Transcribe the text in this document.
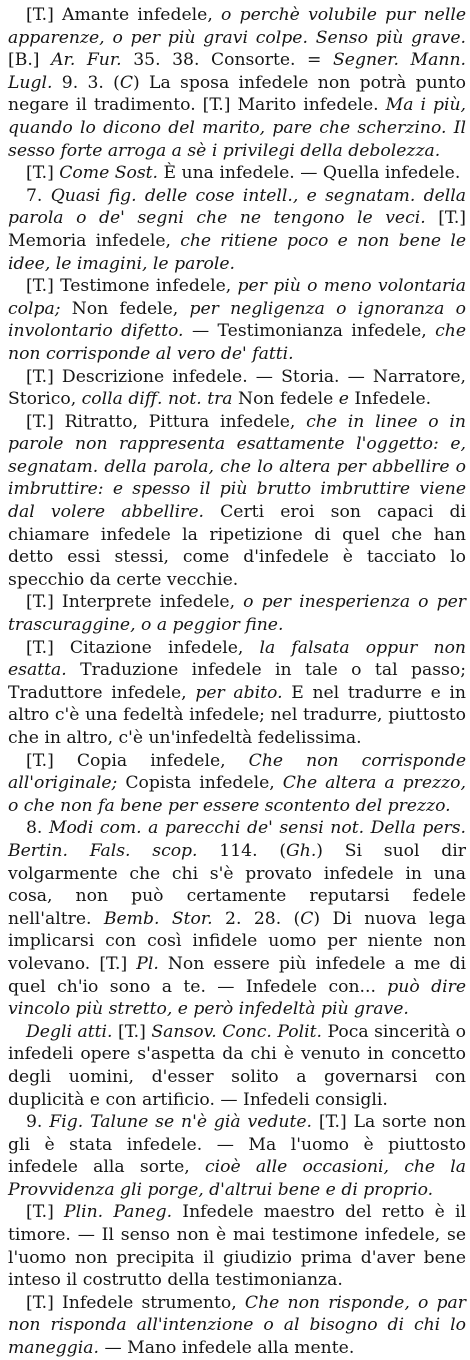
[T.] Amante infedele, o perchè volubile pur nelle apparenze, o per più gravi colpe. Senso più grave. [B.] Ar. Fur. 35. 38. Consorte. = Segner. Mann. Lugl. 9. 3. (C) La sposa infedele non potrà punto negare il tradimento. [T.] Marito infedele. Ma i più, quando lo dicono del marito, pare che scherzino. Il sesso forte arroga a sè i privilegi della debolezza.

[T.] Come Sost. È una infedele. — Quella infedele.

7. Quasi fig. delle cose intell., e segnatam. della parola o de' segni che ne tengono le veci. [T.] Memoria infedele, che ritiene poco e non bene le idee, le imagini, le parole.

[T.] Testimone infedele, per più o meno volontaria colpa; Non fedele, per negligenza o ignoranza o involontario difetto. — Testimonianza infedele, che non corrisponde al vero de' fatti.

[T.] Descrizione infedele. — Storia. — Narratore, Storico, colla diff. not. tra Non fedele e Infedele.

[T.] Ritratto, Pittura infedele, che in linee o in parole non rappresenta esattamente l'oggetto: e, segnatam. della parola, che lo altera per abbellire o imbruttire: e spesso il più brutto imbruttire viene dal volere abbellire. Certi eroi son capaci di chiamare infedele la ripetizione di quel che han detto essi stessi, come d'infedele è tacciato lo specchio da certe vecchie.

[T.] Interprete infedele, o per inesperienza o per trascuraggine, o a peggior fine.

[T.] Citazione infedele, la falsata oppur non esatta. Traduzione infedele in tale o tal passo; Traduttore infedele, per abito. E nel tradurre e in altro c'è una fedeltà infedele; nel tradurre, piuttosto che in altro, c'è un'infedeltà fedelissima.

[T.] Copia infedele, Che non corrisponde all'originale; Copista infedele, Che altera a prezzo, o che non fa bene per essere scontento del prezzo.

8. Modi com. a parecchi de' sensi not. Della pers. Bertin. Fals. scop. 114. (Gh.) Si suol dir volgarmente che chi s'è provato infedele in una cosa, non può certamente reputarsi fedele nell'altre. Bemb. Stor. 2. 28. (C) Di nuova lega implicarsi con così infidele uomo per niente non volevano. [T.] Pl. Non essere più infedele a me di quel ch'io sono a te. — Infedele con... può dire vincolo più stretto, e però infedeltà più grave.

Degli atti. [T.] Sansov. Conc. Polit. Poca sincerità o infedeli opere s'aspetta da chi è venuto in concetto degli uomini, d'esser solito a governarsi con duplicità e con artificio. — Infedeli consigli.

9. Fig. Talune se n'è già vedute. [T.] La sorte non gli è stata infedele. — Ma l'uomo è piuttosto infedele alla sorte, cioè alle occasioni, che la Provvidenza gli porge, d'altrui bene e di proprio.

[T.] Plin. Paneg. Infedele maestro del retto è il timore. — Il senso non è mai testimone infedele, se l'uomo non precipita il giudizio prima d'aver bene inteso il costrutto della testimonianza.

[T.] Infedele strumento, Che non risponde, o par non risponda all'intenzione o al bisogno di chi lo maneggia. — Mano infedele alla mente.
